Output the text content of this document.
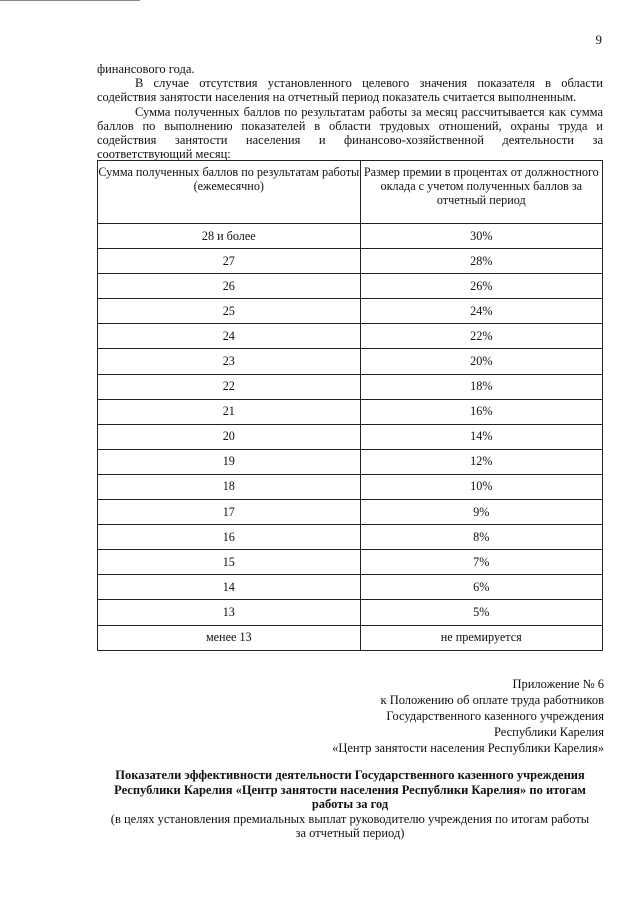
9

финансового года.

В случае отсутствия установленного целевого значения показателя в области содействия занятости населения на отчетный период показатель считается выполненным.

Сумма полученных баллов по результатам работы за месяц рассчитывается как сумма баллов по выполнению показателей в области трудовых отношений, охраны труда и содействия занятости населения и финансово-хозяйственной деятельности за

соответствующий месяц:

Сумма полученных баллов по результатам работы (ежемесячно)	Размер премии в процентах от должностного оклада с учетом полученных баллов за отчетный период
28 и более	30%
27	28%
26	26%
25	24%
24	22%
23	20%
22	18%
21	16%
20	14%
19	12%
18	10%
17	9%
16	8%
15	7%
14	6%
13	5%
менее 13	не премируется
Приложение № 6
к Положению об оплате труда работников
Государственного казенного учреждения
Республики Карелия
«Центр занятости населения Республики Карелия»
Показатели эффективности деятельности Государственного казенного учреждения
Республики Карелия «Центр занятости населения Республики Карелия» по итогам
работы за год
(в целях установления премиальных выплат руководителю учреждения по итогам работы
за отчетный период)
